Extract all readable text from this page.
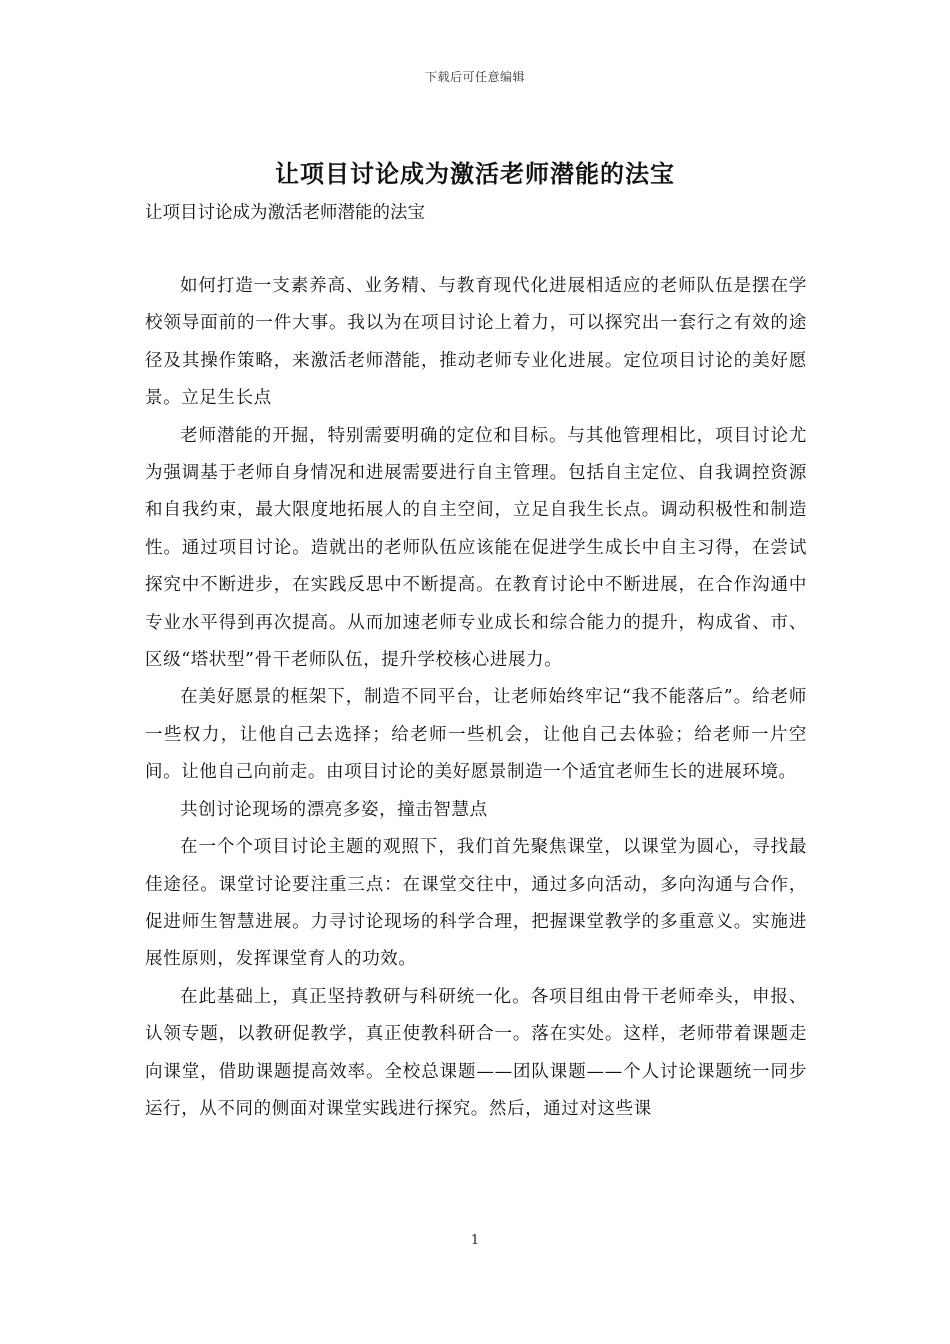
下载后可任意编辑
让项目讨论成为激活老师潜能的法宝
让项目讨论成为激活老师潜能的法宝

如何打造一支素养高、业务精、与教育现代化进展相适应的老师队伍是摆在学校领导面前的一件大事。我以为在项目讨论上着力，可以探究出一套行之有效的途径及其操作策略，来激活老师潜能，推动老师专业化进展。定位项目讨论的美好愿景。立足生长点

老师潜能的开掘，特别需要明确的定位和目标。与其他管理相比，项目讨论尤为强调基于老师自身情况和进展需要进行自主管理。包括自主定位、自我调控资源和自我约束，最大限度地拓展人的自主空间，立足自我生长点。调动积极性和制造性。通过项目讨论。造就出的老师队伍应该能在促进学生成长中自主习得，在尝试探究中不断进步，在实践反思中不断提高。在教育讨论中不断进展，在合作沟通中专业水平得到再次提高。从而加速老师专业成长和综合能力的提升，构成省、市、区级“塔状型”骨干老师队伍，提升学校核心进展力。

在美好愿景的框架下，制造不同平台，让老师始终牢记“我不能落后”。给老师一些权力，让他自己去选择；给老师一些机会，让他自己去体验；给老师一片空间。让他自己向前走。由项目讨论的美好愿景制造一个适宜老师生长的进展环境。

共创讨论现场的漂亮多姿，撞击智慧点

在一个个项目讨论主题的观照下，我们首先聚焦课堂，以课堂为圆心，寻找最佳途径。课堂讨论要注重三点：在课堂交往中，通过多向活动，多向沟通与合作，促进师生智慧进展。力寻讨论现场的科学合理，把握课堂教学的多重意义。实施进展性原则，发挥课堂育人的功效。

在此基础上，真正坚持教研与科研统一化。各项目组由骨干老师牵头，申报、认领专题，以教研促教学，真正使教科研合一。落在实处。这样，老师带着课题走向课堂，借助课题提高效率。全校总课题——团队课题——个人讨论课题统一同步运行，从不同的侧面对课堂实践进行探究。然后，通过对这些课

1
